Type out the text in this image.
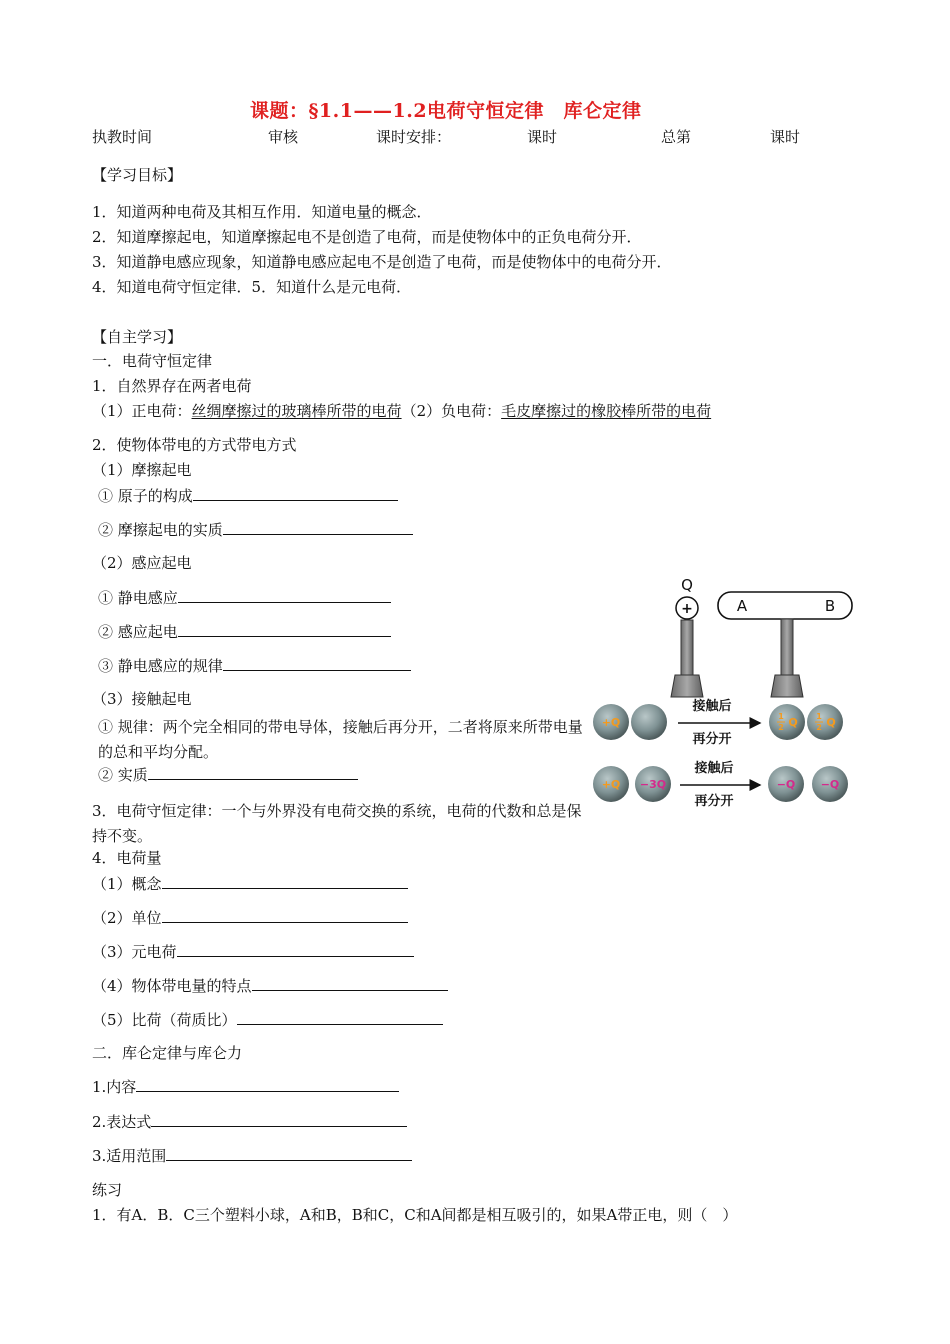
课题：§1.1——1.2电荷守恒定律　库仑定律
执教时间	审核	课时安排：	课时	总第	课时
【学习目标】
1．知道两种电荷及其相互作用．知道电量的概念．
2．知道摩擦起电，知道摩擦起电不是创造了电荷，而是使物体中的正负电荷分开．
3．知道静电感应现象，知道静电感应起电不是创造了电荷，而是使物体中的电荷分开．
4．知道电荷守恒定律．5．知道什么是元电荷．
【自主学习】
一．电荷守恒定律
1．自然界存在两者电荷
（1）正电荷：丝绸摩擦过的玻璃棒所带的电荷（2）负电荷：毛皮摩擦过的橡胶棒所带的电荷
2．使物体带电的方式带电方式
（1）摩擦起电
① 原子的构成
② 摩擦起电的实质
（2）感应起电
① 静电感应
② 感应起电
③ 静电感应的规律
（3）接触起电
① 规律：两个完全相同的带电导体，接触后再分开，二者将原来所带电量的总和平均分配。
② 实质
3．电荷守恒定律：一个与外界没有电荷交换的系统，电荷的代数和总是保持不变。
4．电荷量
（1）概念
（2）单位
（3）元电荷
（4）物体带电量的特点
（5）比荷（荷质比）
二．库仑定律与库仑力
1.内容
2.表达式
3.适用范围
练习
1．有A．B．C三个塑料小球，A和B，B和C，C和A间都是相互吸引的，如果A带正电，则（　）
Q
+	A	B
+Q
接触后
再分开
1
2 Q 1
2 Q
+Q −3Q
接触后
再分开
−Q −Q
